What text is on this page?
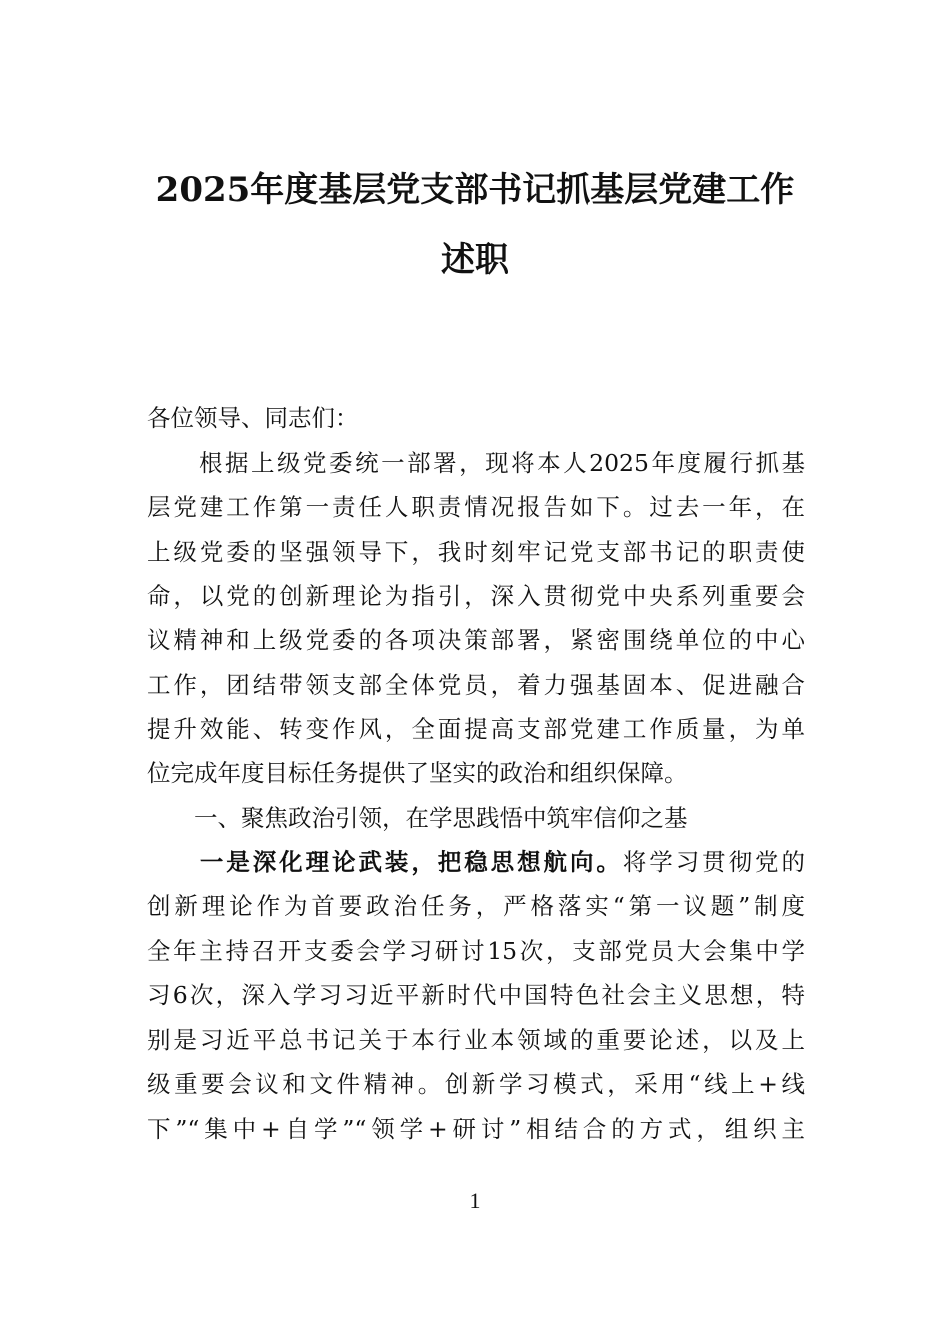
2025年度基层党支部书记抓基层党建工作
述职
各位领导、同志们：
　　根据上级党委统一部署，现将本人2025年度履行抓基
层党建工作第一责任人职责情况报告如下。过去一年，在
上级党委的坚强领导下，我时刻牢记党支部书记的职责使
命，以党的创新理论为指引，深入贯彻党中央系列重要会
议精神和上级党委的各项决策部署，紧密围绕单位的中心
工作，团结带领支部全体党员，着力强基固本、促进融合
提升效能、转变作风，全面提高支部党建工作质量，为单
位完成年度目标任务提供了坚实的政治和组织保障。
　　一、聚焦政治引领，在学思践悟中筑牢信仰之基
　　一是深化理论武装，把稳思想航向。将学习贯彻党的
创新理论作为首要政治任务，严格落实“第一议题”制度
全年主持召开支委会学习研讨15次，支部党员大会集中学
习6次，深入学习习近平新时代中国特色社会主义思想，特
别是习近平总书记关于本行业本领域的重要论述，以及上
级重要会议和文件精神。创新学习模式，采用“线上+线
下”“集中+自学”“领学+研讨”相结合的方式，组织主
1
